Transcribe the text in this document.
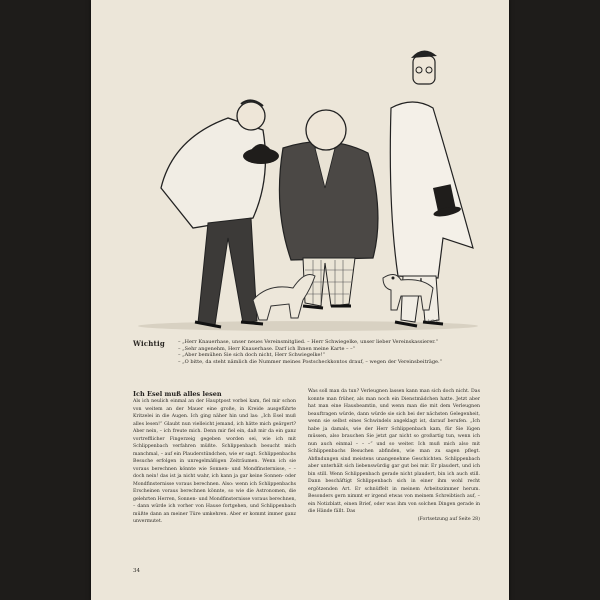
A.Sch.
Wichtig	– „Herr Knauerhase, unser neues Vereinsmitglied. – Herr Schwiegelke, unser lieber Vereinskassierer.“
– „Sehr angenehm, Herr Knauerhase. Darf ich Ihnen meine Karte – –“
– „Aber bemühen Sie sich doch nicht, Herr Schwiegelke!“
– „O bitte, da steht nämlich die Nummer meines Postscheckkontos drauf, – wegen der Vereinsbeiträge.“
Ich Esel muß alles lesen

Als ich neulich einmal an der Hauptpost vorbei kam, fiel mir schon von weitem an der Mauer eine große, in Kreide ausgeführte Kritzelei in die Augen. Ich ging näher hin und las: „Ich Esel muß alles lesen!“ Glaubt nun vielleicht jemand, ich hätte mich geärgert? Aber nein, – ich freute mich. Denn mir fiel ein, daß mir da ein ganz vortrefflicher Fingerzeig gegeben worden sei, wie ich mit Schlippenbach verfahren müßte. Schlippenbach besucht mich manchmal, – auf ein Plauderstündchen, wie er sagt. Schlippenbachs Besuche erfolgen in unregelmäßigen Zeiträumen. Wenn ich sie voraus berechnen könnte wie Sonnen- und Mondfinsternisse, – – doch nein! das ist ja nicht wahr, ich kann ja gar keine Sonnen- oder Mondfinsternisse voraus berechnen. Also: wenn ich Schlippenbachs Erscheinen voraus berechnen könnte, so wie die Astronomen, die gelehrten Herren, Sonnen- und Mondfinsternisse voraus berechnen, – dann würde ich vorher von Hause fortgehen, und Schlippenbach müßte dann an meiner Türe umkehren. Aber er kommt immer ganz unvermutet.

Was soll man da tun? Verleugnen lassen kann man sich doch nicht. Das konnte man früher, als man noch ein Dienstmädchen hatte. Jetzt aber hat man eine Hausbeamtin, und wenn man die mit dem Verleugnen beauftragen würde, dann würde sie sich bei der nächsten Gelegenheit, wenn sie selbst eines Schwindels angeklagt ist, darauf berufen. „Ich habe ja damals, wie der Herr Schlippenbach kam, für Sie lügen müssen, also brauchen Sie jetzt gar nicht so großartig tun, wenn ich nun auch einmal – – –“ und so weiter. Ich muß mich also mit Schlippenbachs Besuchen abfinden, wie man zu sagen pflegt. Abfindungen sind meistens unangenehme Geschichten. Schlippenbach aber unterhält sich liebenswürdig gar gut bei mir. Er plaudert, und ich bin still. Wenn Schlippenbach gerade nicht plaudert, bin ich auch still. Dann beschäftigt Schlippenbach sich in einer ihm wohl recht ergötzenden Art. Er schnüffelt in meinem Arbeitszimmer herum. Besonders gern nimmt er irgend etwas von meinem Schreibtisch auf, – ein Notizblatt, einen Brief, oder was ihm von solchen Dingen gerade in die Hände fällt. Das

(Fortsetzung auf Seite 28)

34
